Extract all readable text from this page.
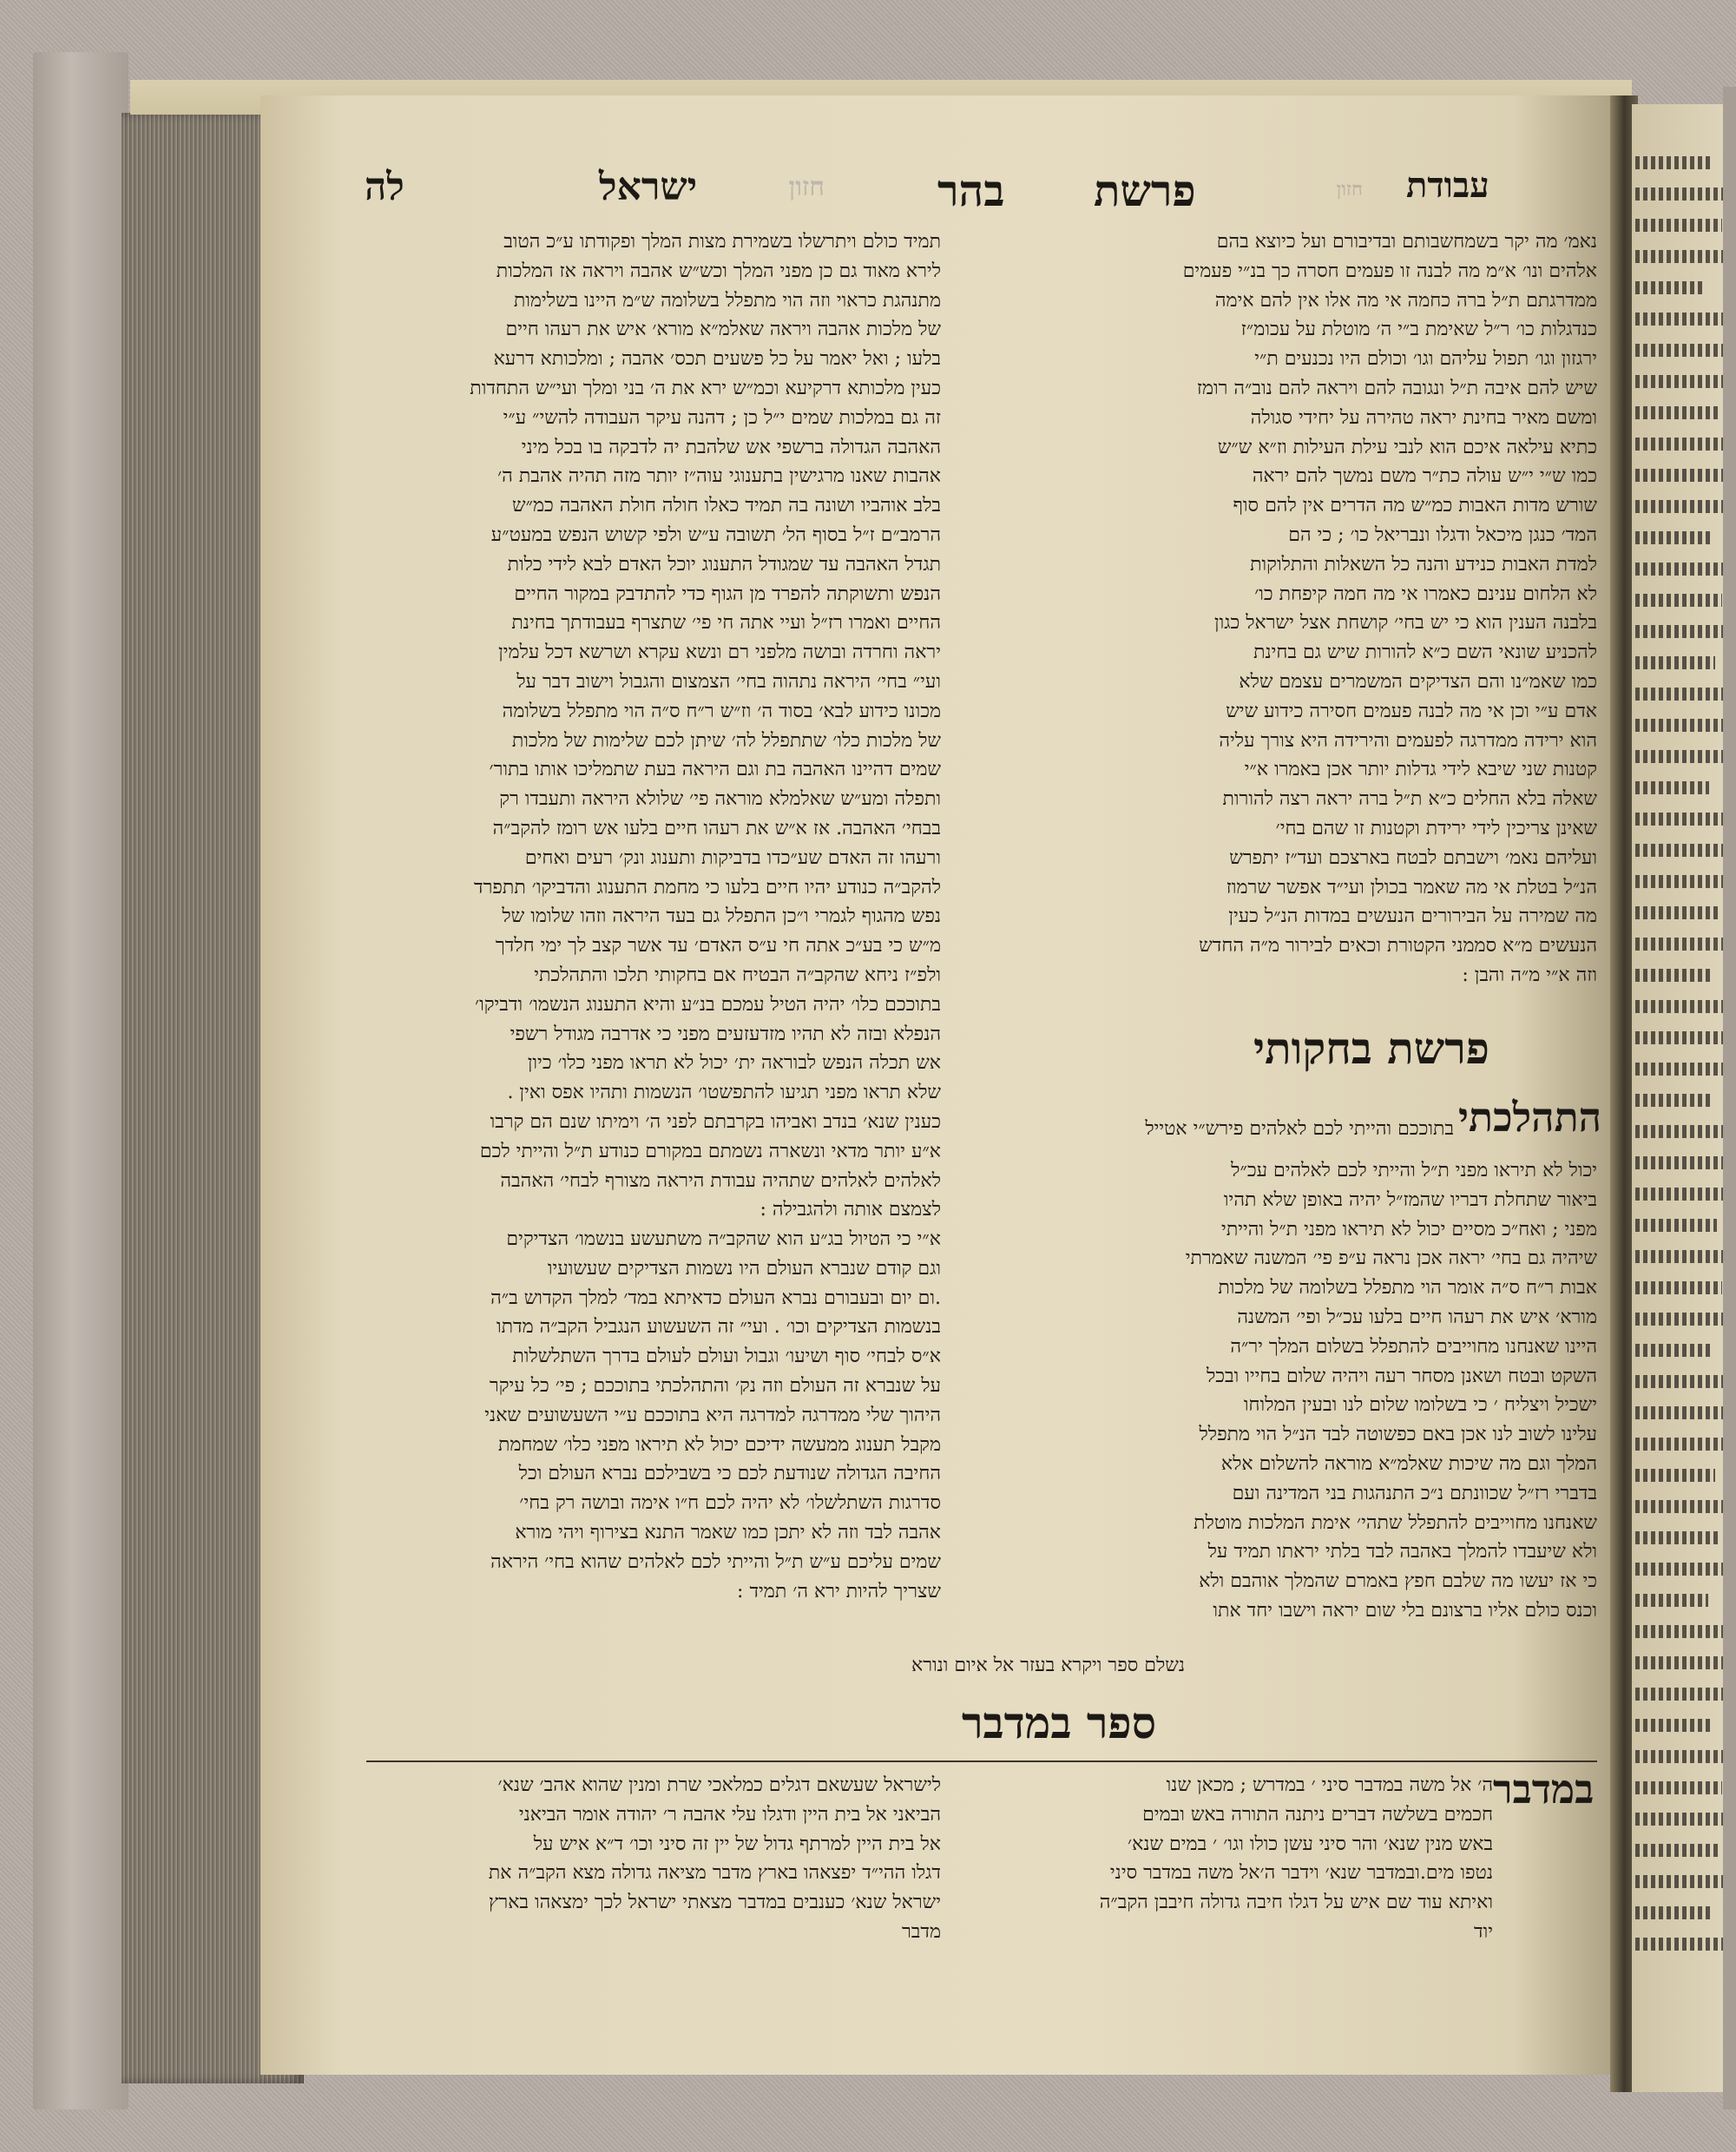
לה	ישראל	בהר פרשת	עבודת
חזון	חזון

תמיד כולם ויתרשלו בשמירת מצות המלך ופקודתו ע״כ הטוב

לירא מאוד גם כן מפני המלך וכש״ש אהבה ויראה אז המלכות

מתנהגת כראוי וזה הוי מתפלל בשלומה ש״מ היינו בשלימות

של מלכות אהבה ויראה שאלמ״א מורא׳ איש את רעהו חיים

בלעו ; ואל יאמר על כל פשעים תכס׳ אהבה ; ומלכותא דרעא

כעין מלכותא דרקיעא וכמ״ש ירא את ה׳ בני ומלך ועי״ש התחדות

זה גם במלכות שמים י״ל כן ; דהנה עיקר העבודה להשי״ ע״י

האהבה הגדולה ברשפי אש שלהבת יה לדבקה בו בכל מיני

אהבות שאנו מרגישין בתענוגי עוה״ז יותר מזה תהיה אהבת ה׳

בלב אוהביו ושונה בה תמיד כאלו חולה חולת האהבה כמ״ש

הרמב״ם ז״ל בסוף הל׳ תשובה ע״ש ולפי קשוש הנפש במעט״ע

תגדל האהבה עד שמגודל התענוג יוכל האדם לבא לידי כלות

הנפש ותשוקתה להפרד מן הגוף כדי להתדבק במקור החיים

החיים ואמרו רז״ל ועיי אתה חי פי׳ שתצרף בעבודתך בחינת

יראה וחרדה ובושה מלפני רם ונשא עקרא ושרשא דכל עלמין

ועי״ בחי׳ היראה נתהוה בחי׳ הצמצום והגבול וישוב דבר על

מכונו כידוע לבא׳ בסוד ה׳ וז״ש ר״ח ס״ה הוי מתפלל בשלומה

של מלכות כלו׳ שתתפלל לה׳ שיתן לכם שלימות של מלכות

שמים דהיינו האהבה בת וגם היראה בעת שתמליכו אותו בתור׳

ותפלה ומע״ש שאלמלא מוראה פי׳ שלולא היראה ותעבדו רק

בבחי׳ האהבה. אז א״ש את רעהו חיים בלעו אש רומז להקב״ה

ורעהו זה האדם שע״כדו בדביקות ותענוג ונק׳ רעים ואחים

להקב״ה כנודע יהיו חיים בלעו כי מחמת התענוג והדביקו׳ תתפרד

נפש מהגוף לגמרי ו״כן התפלל גם בעד היראה וזהו שלומו של

מ״ש כי בע״כ אתה חי ע״ס האדם׳ עד אשר קצב לך ימי חלדך

ולפ״ז ניחא שהקב״ה הבטיח אם בחקותי תלכו והתהלכתי

בתוככם כלו׳ יהיה הטיל עמכם בנ״ע והיא התענוג הנשמו׳ ודביקו׳

הנפלא ובזה לא תהיו מזדעזעים מפני כי אדרבה מגודל רשפי

אש תכלה הנפש לבוראה ית׳ יכול לא תראו מפני כלו׳ כיון

שלא תראו מפני תגיעו להתפשטו׳ הנשמות ותהיו אפס ואין .

כענין שנא׳ בנדב ואביהו בקרבתם לפני ה׳ וימיתו שנם הם קרבו

א״ע יותר מדאי ונשארה נשמתם במקורם כנודע ת״ל והייתי לכם

לאלהים לאלהים שתהיה עבודת היראה מצורף לבחי׳ האהבה

לצמצם אותה ולהגבילה :

א״י כי הטיול בג״ע הוא שהקב״ה משתעשע בנשמו׳ הצדיקים

וגם קודם שנברא העולם היו נשמות הצדיקים שעשועיו

.ום יום ובעבורם נברא העולם כדאיתא במד׳ למלך הקדוש ב״ה

בנשמות הצדיקים וכו׳ . ועי״ זה השעשוע הנגביל הקב״ה מדתו

א״ס לבחי׳ סוף ושיעו׳ וגבול ועולם לעולם בדרך השתלשלות

על שנברא זה העולם וזה נק׳ והתהלכתי בתוככם ; פי׳ כל עיקר

היהוך שלי ממדרגה למדרגה היא בתוככם ע״י השעשועים שאני

מקבל תענוג ממעשה ידיכם יכול לא תיראו מפני כלו׳ שמחמת

החיבה הגדולה שנודעת לכם כי בשבילכם נברא העולם וכל

סדרגות השתלשלו׳ לא יהיה לכם ח״ו אימה ובושה רק בחי׳

אהבה לבד וזה לא יתכן כמו שאמר התנא בצירוף ויהי מורא

שמים עליכם ע״ש ת״ל והייתי לכם לאלהים שהוא בחי׳ היראה

שצריך להיות ירא ה׳ תמיד :

נאמ׳ מה יקר בשמחשבותם ובדיבורם ועל כיוצא בהם

אלהים ונו׳ א״מ מה לבנה זו פעמים חסרה כך בנ״י פעמים

ממדרגתם ת״ל ברה כחמה אי מה אלו אין להם אימה

כנדגלות כו׳ ר״ל שאימת ב״י ה׳ מוטלת על עכומ״ז

ירגזון וגו׳ תפול עליהם וגו׳ וכולם היו נכנעים ת״י

שיש להם איבה ת״ל ונגובה להם ויראה להם נוב״ה רומז

ומשם מאיר בחינת יראה טהירה על יחידי סגולה

כתיא עילאה איכם הוא לנבי עילת העילות וז״א ש״ש

כמו ש״י י״ש עולה כת״ר משם נמשך להם יראה

שורש מדות האבות כמ״ש מה הדרים אין להם סוף

המד׳ כנגן מיכאל ודגלו ונבריאל כו׳ ; כי הם

למדת האבות כנידע והנה כל השאלות והתלוקות

לא הלחום ענינם כאמרו אי מה חמה קיפחת כו׳

בלבנה הענין הוא כי יש בחי׳ קושחת אצל ישראל כגון

להכניע שונאי השם כ״א להורות שיש גם בחינת

כמו שאמ״נו והם הצדיקים המשמרים עצמם שלא

אדם ע״י וכן אי מה לבנה פעמים חסירה כידוע שיש

הוא ירידה ממדרגה לפעמים והירידה היא צורך עליה

קטנות שני שיבא לידי גדלות יותר אכן באמרו א״י

שאלה בלא החלים כ״א ת״ל ברה יראה רצה להורות

שאינן צריכין לידי ירידת וקטנות זו שהם בחי׳

ועליהם נאמ׳ וישבתם לבטח בארצכם ועד״ז יתפרש

הנ״ל בטלת אי מה שאמר בכולן ועי״ד אפשר שרמוז

מה שמירה על הבירורים הנעשים במדות הנ״ל כעין

הנעשים מ״א סממני הקטורת וכאים לבירור מ״ה החדש

וזה א״י מ״ה והבן :

פרשת בחקותי
התהלכתי

בתוככם והייתי לכם לאלהים פירש״י אטייל

יכול לא תיראו מפני ת״ל והייתי לכם לאלהים עכ״ל

ביאור שתחלת דבריו שהמז״ל יהיה באופן שלא תהיו

מפני ; ואח״כ מסיים יכול לא תיראו מפני ת״ל והייתי

שיהיה גם בחי׳ יראה אכן נראה ע״פ פי׳ המשנה שאמרתי

אבות ר״ח ס״ה אומר הוי מתפלל בשלומה של מלכות

מורא׳ איש את רעהו חיים בלעו עכ״ל ופי׳ המשנה

היינו שאנחנו מחוייבים להתפלל בשלום המלך יר״ה

השקט ובטח ושאנן מסחר רעה ויהיה שלום בחייו ובכל

ישכיל ויצליח ׳ כי בשלומו שלום לנו ובעין המלוחו

עלינו לשוב לנו אכן באם כפשוטה לבד הנ״ל הוי מתפלל

המלך וגם מה שיכות שאלמ״א מוראה להשלום אלא

בדברי רז״ל שכוונתם נ״כ התנהגות בני המדינה ועם

שאנחנו מחוייבים להתפלל שתהי׳ אימת המלכות מוטלת

ולא שיעבדו להמלך באהבה לבד בלתי יראתו תמיד על

כי אז יעשו מה שלבם חפץ באמרם שהמלך אוהבם ולא

וכנס כולם אליו ברצונם בלי שום יראה וישבו יחד אתו

נשלם ספר ויקרא בעזר אל איום ונורא
ספר במדבר

לישראל שעשאם דגלים כמלאכי שרת ומנין שהוא אהב׳ שנא׳

הביאני אל בית היין ודגלו עלי אהבה ר׳ יהודה אומר הביאני

אל בית היין למרתף גדול של יין זה סיני וכו׳ ד״א איש על

דגלו ההי״ד יפצאהו בארץ מדבר מציאה גדולה מצא הקב״ה את

ישראל שנא׳ כענבים במדבר מצאתי ישראל לכך ימצאהו בארץ

מדבר

במדבר

ה׳ אל משה במדבר סיני ׳ במדרש ; מכאן שנו

חכמים בשלשה דברים ניתנה התורה באש ובמים

באש מנין שנא׳ והר סיני עשן כולו וגו׳ ׳ במים שנא׳

נטפו מים.ובמדבר שנא׳ וידבר ה׳אל משה במדבר סיני

ואיתא עוד שם איש על דגלו חיבה גדולה חיבבן הקב״ה

יוד
